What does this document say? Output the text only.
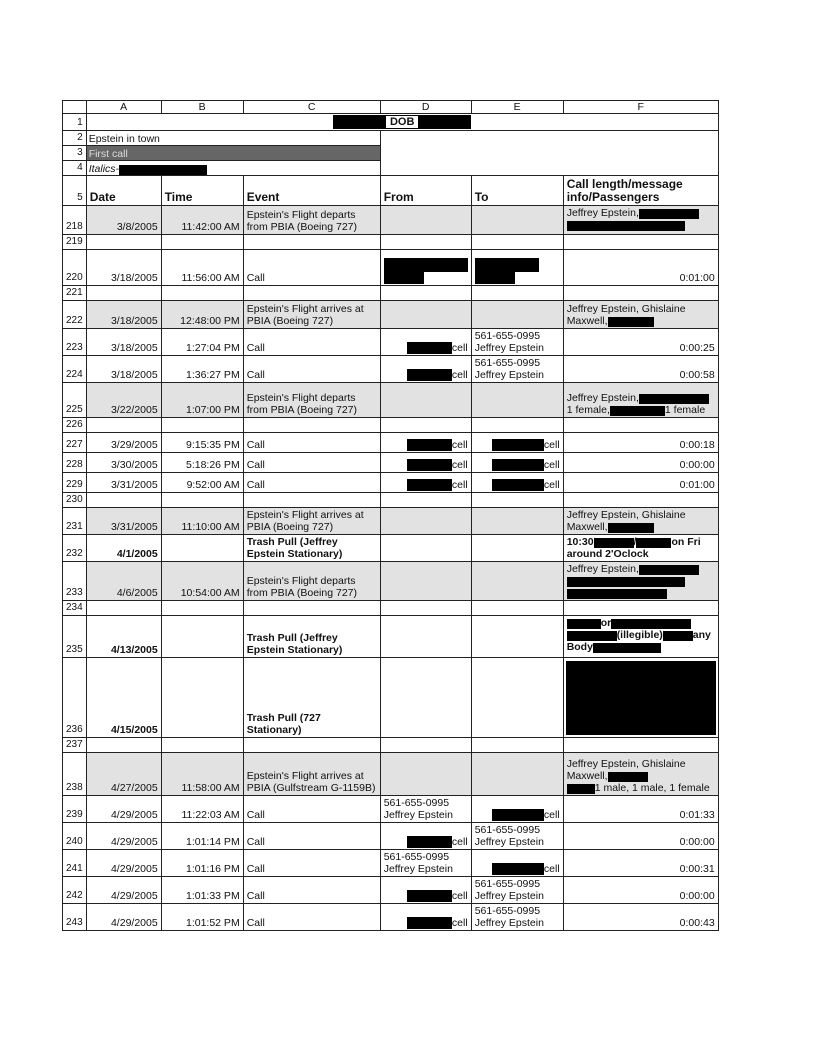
	A	B	C	D	E	F
1	DOB					
2	Epstein in town					
3	First call					
4	Italics-					
5	Date	Time	Event	From	To	Call length/message info/Passengers
218	3/8/2005	11:42:00 AM	Epstein's Flight departs from PBIA (Boeing 727)			Jeffrey Epstein,

219						
220	3/18/2005	11:56:00 AM	Call			0:01:00
221						
222	3/18/2005	12:48:00 PM	Epstein's Flight arrives at PBIA (Boeing 727)			Jeffrey Epstein, Ghislaine Maxwell,
223	3/18/2005	1:27:04 PM	Call	cell	561-655-0995 Jeffrey Epstein	0:00:25
224	3/18/2005	1:36:27 PM	Call	cell	561-655-0995 Jeffrey Epstein	0:00:58
225	3/22/2005	1:07:00 PM	Epstein's Flight departs from PBIA (Boeing 727)			Jeffrey Epstein,
1 female, 1 female
226						
227	3/29/2005	9:15:35 PM	Call	cell	cell	0:00:18
228	3/30/2005	5:18:26 PM	Call	cell	cell	0:00:00
229	3/31/2005	9:52:00 AM	Call	cell	cell	0:01:00
230						
231	3/31/2005	11:10:00 AM	Epstein's Flight arrives at PBIA (Boeing 727)			Jeffrey Epstein, Ghislaine Maxwell,
232	4/1/2005		Trash Pull (Jeffrey Epstein Stationary)			10:30 / on Fri
around 2'Oclock
233	4/6/2005	10:54:00 AM	Epstein's Flight departs from PBIA (Boeing 727)			Jeffrey Epstein,

234						
235	4/13/2005		Trash Pull (Jeffrey Epstein Stationary)			or
(illegible) any
Body
236	4/15/2005		Trash Pull (727 Stationary)			
237						
238	4/27/2005	11:58:00 AM	Epstein's Flight arrives at PBIA (Gulfstream G-1159B)			Jeffrey Epstein, Ghislaine Maxwell,
1 male, 1 male, 1 female
239	4/29/2005	11:22:03 AM	Call	561-655-0995 Jeffrey Epstein	cell	0:01:33
240	4/29/2005	1:01:14 PM	Call	cell	561-655-0995 Jeffrey Epstein	0:00:00
241	4/29/2005	1:01:16 PM	Call	561-655-0995 Jeffrey Epstein	cell	0:00:31
242	4/29/2005	1:01:33 PM	Call	cell	561-655-0995 Jeffrey Epstein	0:00:00
243	4/29/2005	1:01:52 PM	Call	cell	561-655-0995 Jeffrey Epstein	0:00:43
